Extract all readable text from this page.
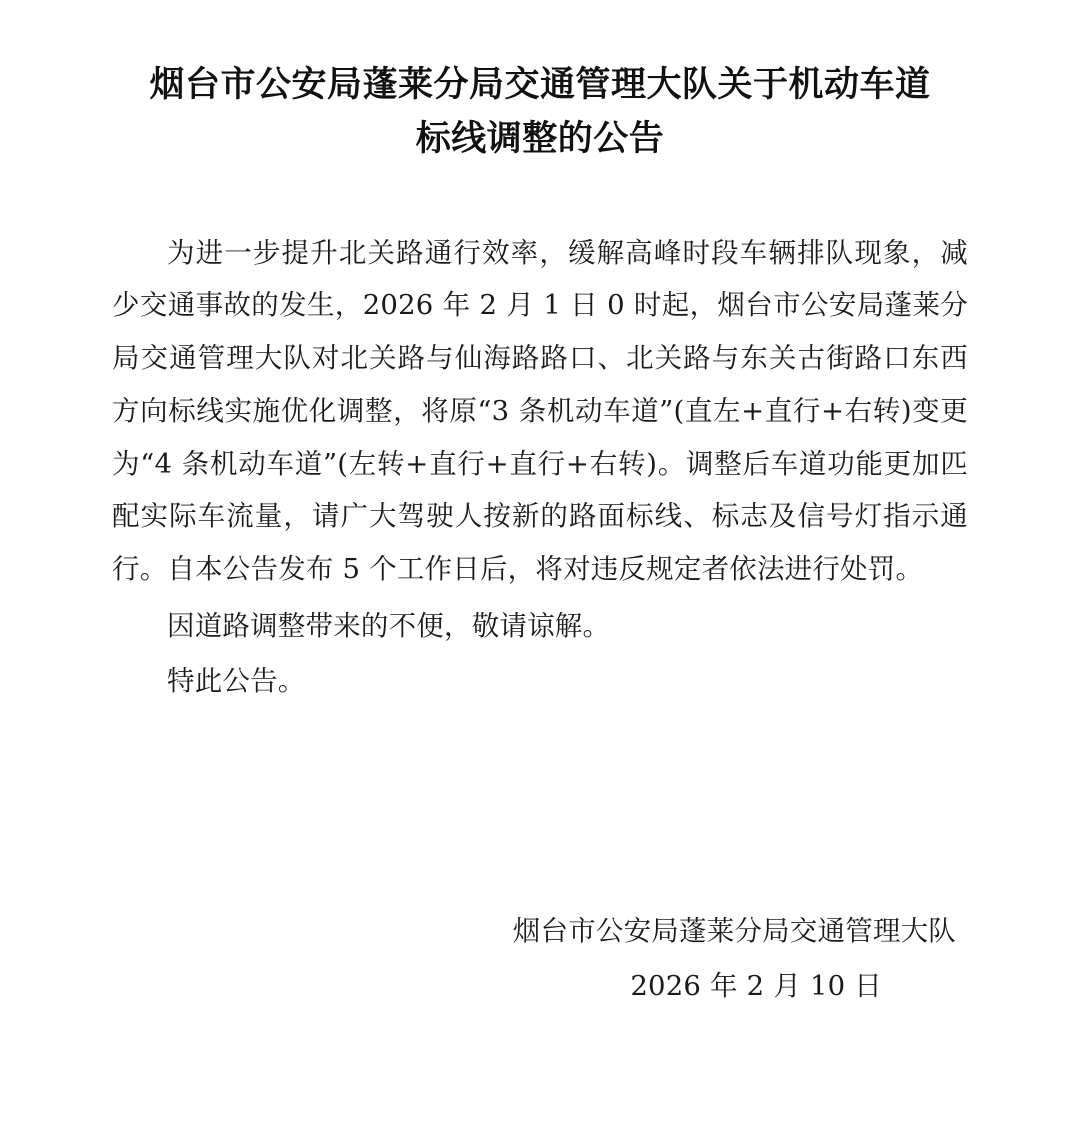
烟台市公安局蓬莱分局交通管理大队关于机动车道标线调整的公告

为进一步提升北关路通行效率，缓解高峰时段车辆排队现象，减少交通事故的发生，2026 年 2 月 1 日 0 时起，烟台市公安局蓬莱分局交通管理大队对北关路与仙海路路口、北关路与东关古街路口东西方向标线实施优化调整，将原“3 条机动车道”(直左+直行+右转)变更为“4 条机动车道”(左转+直行+直行+右转)。调整后车道功能更加匹配实际车流量，请广大驾驶人按新的路面标线、标志及信号灯指示通行。自本公告发布 5 个工作日后，将对违反规定者依法进行处罚。

因道路调整带来的不便，敬请谅解。

特此公告。

烟台市公安局蓬莱分局交通管理大队
2026 年 2 月 10 日
